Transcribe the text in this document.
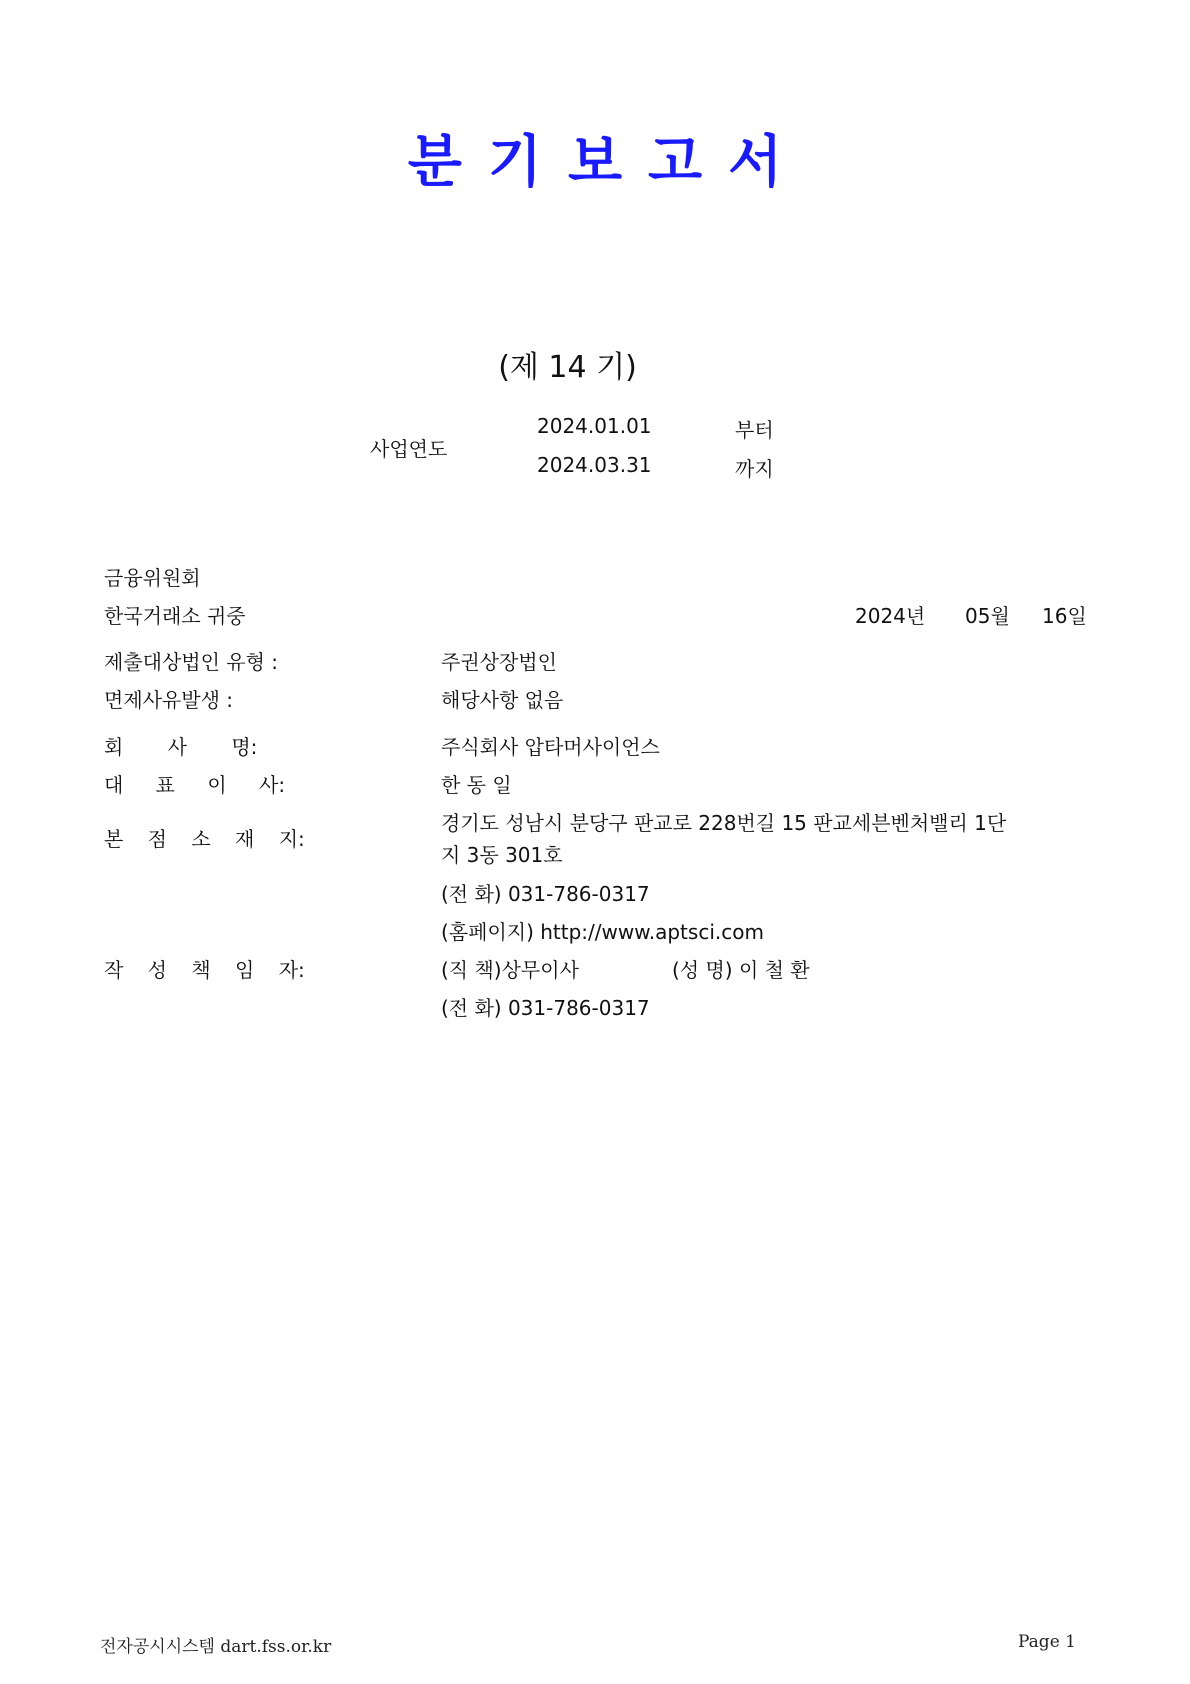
분기보고서
(제 14 기)
사업연도
2024.01.01	부터
2024.03.31	까지
금융위원회
한국거래소 귀중	2024년 05월 16일
제출대상법인 유형 :	주권상장법인
면제사유발생 :	해당사항 없음
회 사 명:	주식회사 압타머사이언스
대 표 이 사:	한 동 일
본 점 소 재 지:
경기도 성남시 분당구 판교로 228번길 15 판교세븐벤처밸리 1단
지 3동 301호
(전 화) 031-786-0317
(홈페이지) http://www.aptsci.com
작 성 책 임 자:	(직 책)상무이사	(성 명) 이 철 환
(전 화) 031-786-0317
전자공시시스템 dart.fss.or.kr	Page 1
